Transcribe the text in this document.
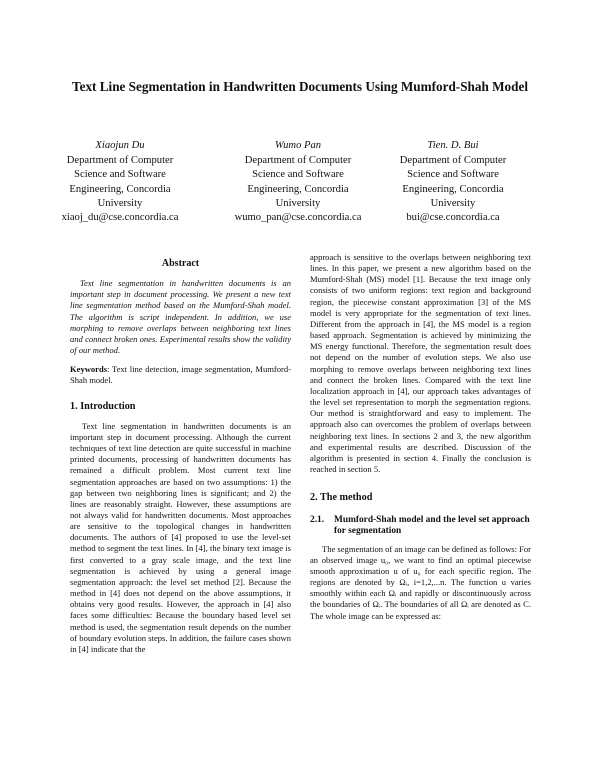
Text Line Segmentation in Handwritten Documents Using Mumford-Shah Model
Xiaojun Du
Department of Computer
Science and Software
Engineering, Concordia
University
xiaoj_du@cse.concordia.ca
Wumo Pan
Department of Computer
Science and Software
Engineering, Concordia
University
wumo_pan@cse.concordia.ca
Tien. D. Bui
Department of Computer
Science and Software
Engineering, Concordia
University
bui@cse.concordia.ca
Abstract

Text line segmentation in handwritten documents is an important step in document processing. We present a new text line segmentation method based on the Mumford-Shah model. The algorithm is script independent. In addition, we use morphing to remove overlaps between neighboring text lines and connect broken ones. Experimental results show the validity of our method.

Keywords: Text line detection, image segmentation, Mumford-Shah model.

1. Introduction

Text line segmentation in handwritten documents is an important step in document processing. Although the current techniques of text line detection are quite successful in machine printed documents, processing of handwritten documents has remained a difficult problem. Most current text line segmentation approaches are based on two assumptions: 1) the gap between two neighboring lines is significant; and 2) the lines are reasonably straight. However, these assumptions are not always valid for handwritten documents. Most approaches are sensitive to the topological changes in handwritten documents. The authors of [4] proposed to use the level-set method to segment the text lines. In [4], the binary text image is first converted to a gray scale image, and the text line segmentation is achieved by using a general image segmentation approach: the level set method [2]. Because the method in [4] does not depend on the above assumptions, it obtains very good results. However, the approach in [4] also faces some difficulties: Because the boundary based level set method is used, the segmentation result depends on the number of boundary evolution steps. In addition, the failure cases shown in [4] indicate that the

approach is sensitive to the overlaps between neighboring text lines. In this paper, we present a new algorithm based on the Mumford-Shah (MS) model [1]. Because the text image only consists of two uniform regions: text region and background region, the piecewise constant approximation [3] of the MS model is very appropriate for the segmentation of text lines. Different from the approach in [4], the MS model is a region based approach. Segmentation is achieved by minimizing the MS energy functional. Therefore, the segmentation result does not depend on the number of evolution steps. We also use morphing to remove overlaps between neighboring text lines and connect the broken lines. Compared with the text line localization approach in [4], our approach takes advantages of the level set representation to morph the segmentation regions. Our method is straightforward and easy to implement. The approach also can overcomes the problem of overlaps between neighboring text lines. In sections 2 and 3, the new algorithm and experimental results are described. Discussion of the algorithm is presented in section 4. Finally the conclusion is reached in section 5.

2. The method
2.1.	Mumford-Shah model and the level set approach for segmentation

The segmentation of an image can be defined as follows: For an observed image u₀, we want to find an optimal piecewise smooth approximation u of u₀ for each specific region. The regions are denoted by Ωᵢ, i=1,2,...n. The function u varies smoothly within each Ωᵢ and rapidly or discontinuously across the boundaries of Ωᵢ. The boundaries of all Ωᵢ are denoted as C. The whole image can be expressed as:
